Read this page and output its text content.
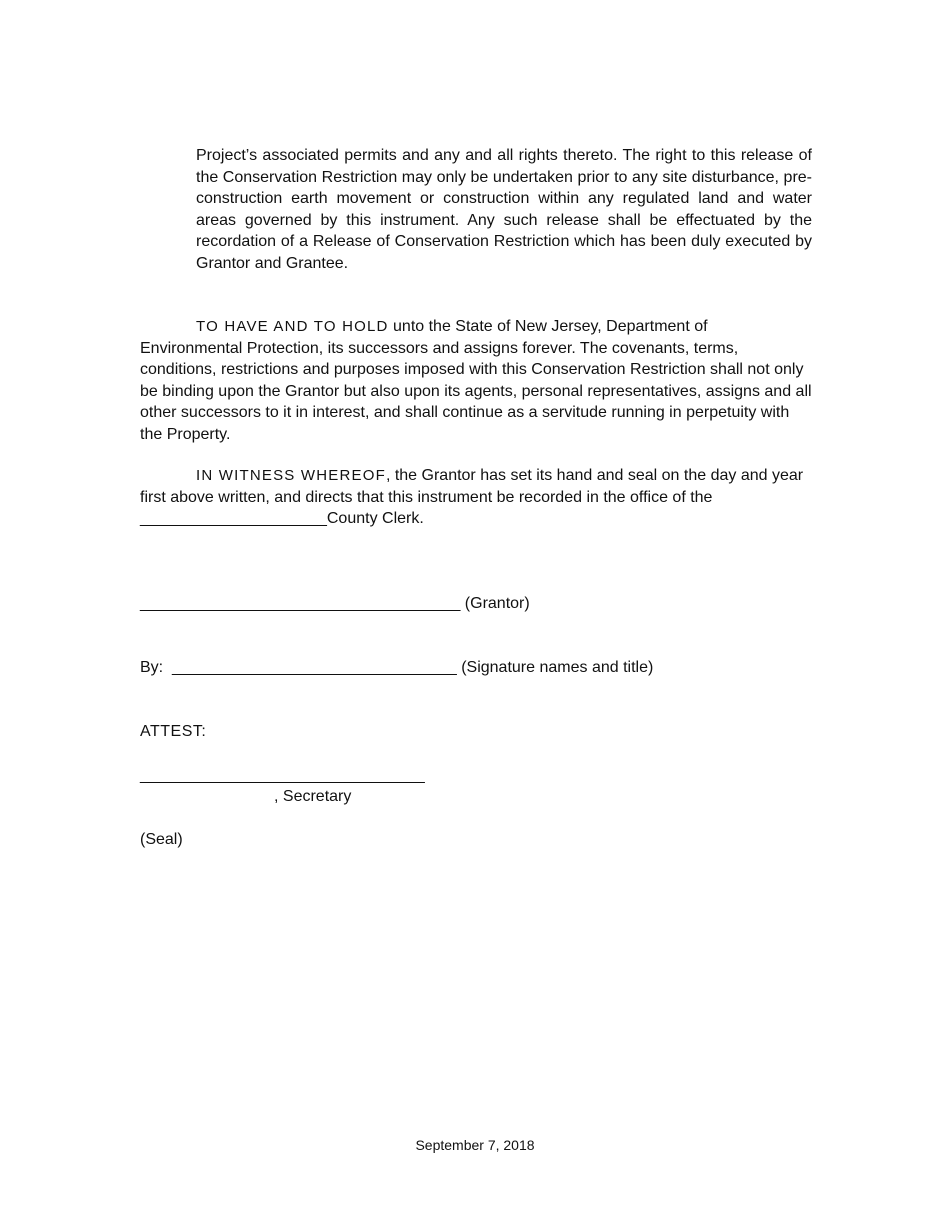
Project’s associated permits and any and all rights thereto. The right to this release of the Conservation Restriction may only be undertaken prior to any site disturbance, pre-construction earth movement or construction within any regulated land and water areas governed by this instrument. Any such release shall be effectuated by the recordation of a Release of Conservation Restriction which has been duly executed by Grantor and Grantee.

TO HAVE AND TO HOLD unto the State of New Jersey, Department of Environmental Protection, its successors and assigns forever. The covenants, terms, conditions, restrictions and purposes imposed with this Conservation Restriction shall not only be binding upon the Grantor but also upon its agents, personal representatives, assigns and all other successors to it in interest, and shall continue as a servitude running in perpetuity with the Property.

IN WITNESS WHEREOF, the Grantor has set its hand and seal on the day and year first above written, and directs that this instrument be recorded in the office of the _____________________County Clerk.

____________________________________ (Grantor)

By:  ________________________________ (Signature names and title)

ATTEST:

________________________________

, Secretary

(Seal)

September 7, 2018
